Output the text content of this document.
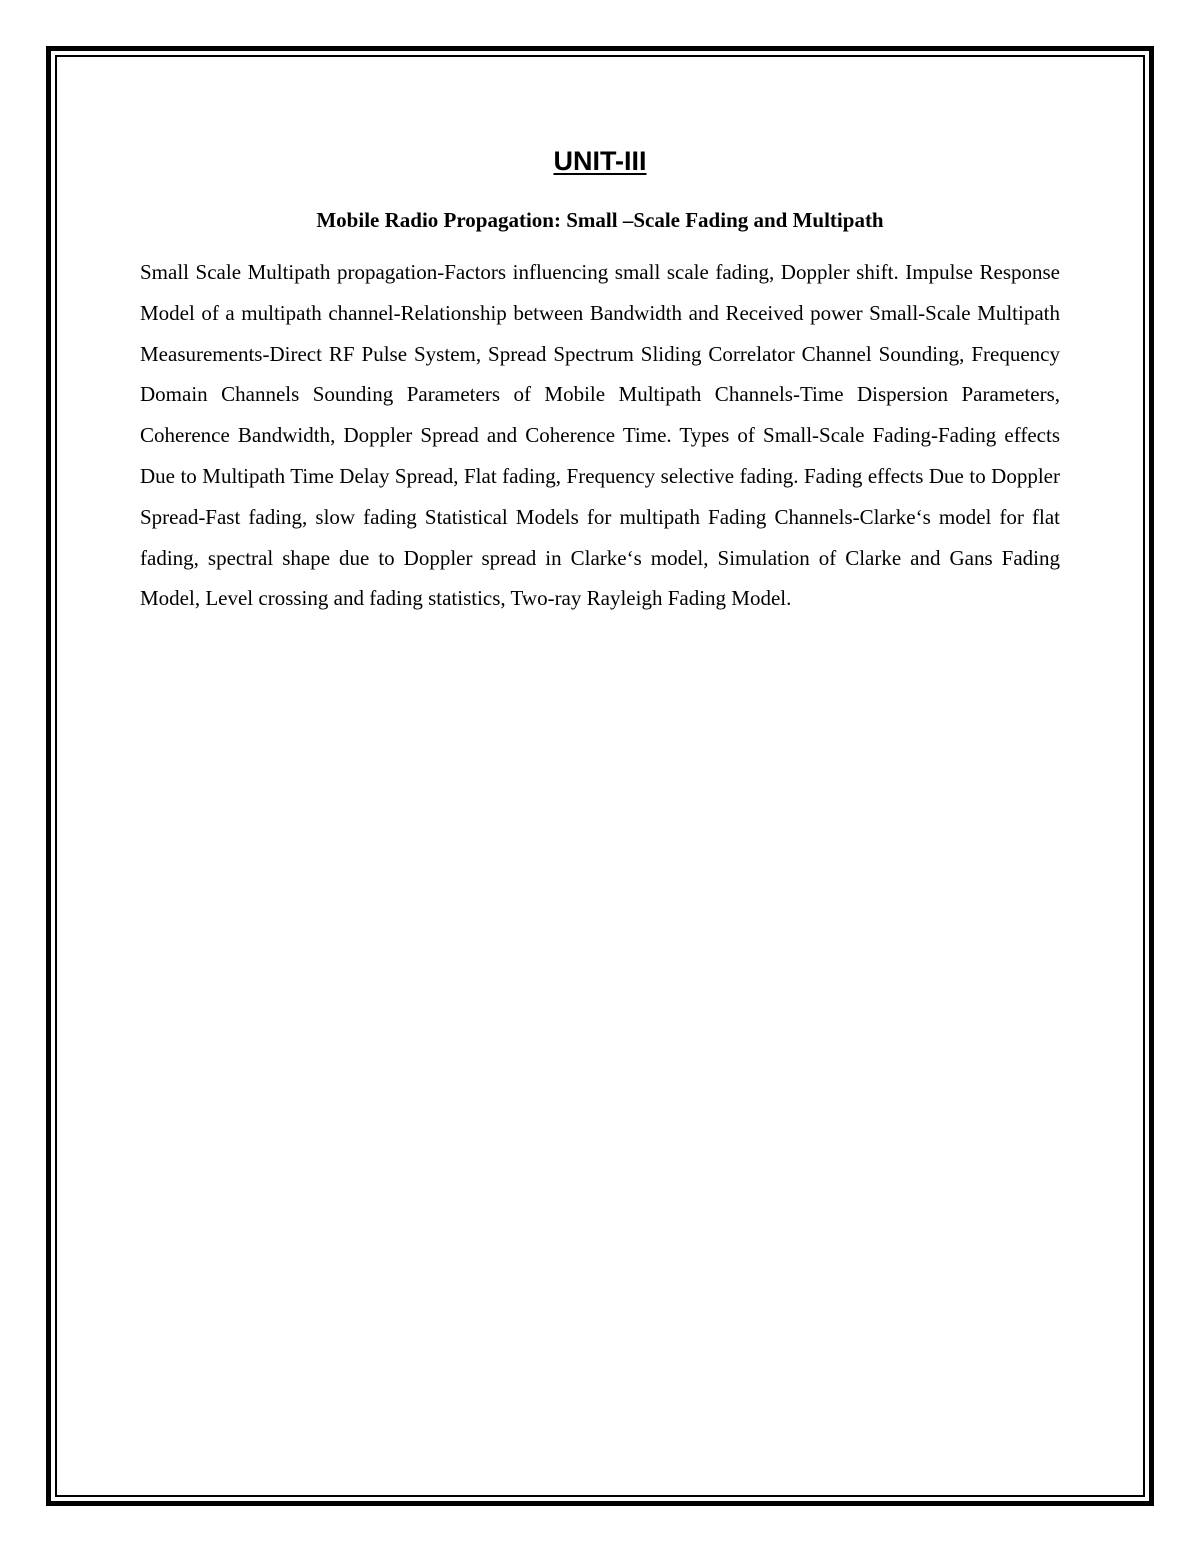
UNIT-III
Mobile Radio Propagation: Small –Scale Fading and Multipath

Small Scale Multipath propagation-Factors influencing small scale fading, Doppler shift. Impulse Response Model of a multipath channel-Relationship between Bandwidth and Received power Small-Scale Multipath Measurements-Direct RF Pulse System, Spread Spectrum Sliding Correlator Channel Sounding, Frequency Domain Channels Sounding Parameters of Mobile Multipath Channels-Time Dispersion Parameters, Coherence Bandwidth, Doppler Spread and Coherence Time. Types of Small-Scale Fading-Fading effects Due to Multipath Time Delay Spread, Flat fading, Frequency selective fading. Fading effects Due to Doppler Spread-Fast fading, slow fading Statistical Models for multipath Fading Channels-Clarke‘s model for flat fading, spectral shape due to Doppler spread in Clarke‘s model, Simulation of Clarke and Gans Fading Model, Level crossing and fading statistics, Two-ray Rayleigh Fading Model.
